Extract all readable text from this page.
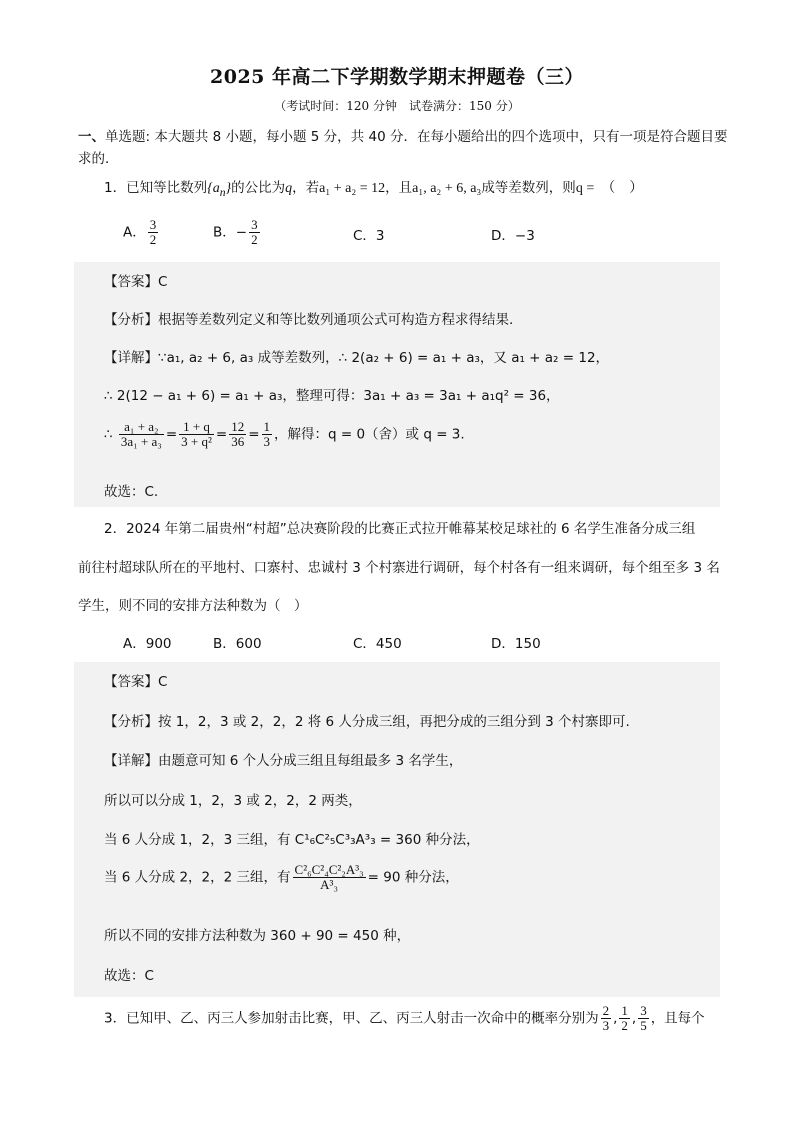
2025 年高二下学期数学期末押题卷（三）
（考试时间：120 分钟　试卷满分：150 分）
一、单选题: 本大题共 8 小题，每小题 5 分，共 40 分．在每小题给出的四个选项中，只有一项是符合题目要求的．
1．已知等比数列$\{a_n\}$的公比为q，若a₁ + a₂ = 12，且a₁, a₂ + 6, a₃成等差数列，则q =　（　）
A． $\frac{3}{2}$	B．− $\frac{3}{2}$	C．3	D．−3
【答案】C
【分析】根据等差数列定义和等比数列通项公式可构造方程求得结果.
【详解】∵a₁, a₂ + 6, a₃ 成等差数列，∴ 2(a₂ + 6) = a₁ + a₃，又 a₁ + a₂ = 12，
∴ 2(12 − a₁ + 6) = a₁ + a₃，整理可得：3a₁ + a₃ = 3a₁ + a₁q² = 36，
∴ $\frac{\text{a₁ + a₂}}{\text{3a₁ + a₃}} = \frac{1 + q}{\text{3 + q²}} = \frac{12}{36} = \frac{1}{3}$ ，解得：q = 0（舍）或 q = 3.
故选：C.
2．2024 年第二届贵州“村超”总决赛阶段的比赛正式拉开帷幕某校足球社的 6 名学生准备分成三组
前往村超球队所在的平地村、口寨村、忠诚村 3 个村寨进行调研，每个村各有一组来调研，每个组至多 3 名
学生，则不同的安排方法种数为（　）
A．900	B．600	C．450	D．150
【答案】C
【分析】按 1，2，3 或 2，2，2 将 6 人分成三组，再把分成的三组分到 3 个村寨即可.
【详解】由题意可知 6 个人分成三组且每组最多 3 名学生，
所以可以分成 1，2，3 或 2，2，2 两类，
当 6 人分成 1，2，3 三组，有 C¹₆C²₅C³₃A³₃ = 360 种分法，
当 6 人分成 2，2，2 三组，有 $\frac{\text{C²₆C²₄C²₂A³₃}}{\text{A³₃}} = 90$ 种分法，
所以不同的安排方法种数为 360 + 90 = 450 种，
故选：C
3．已知甲、乙、丙三人参加射击比赛，甲、乙、丙三人射击一次命中的概率分别为 $\frac{2}{3}$ , $\frac{1}{2}$ , $\frac{3}{5}$ ，且每个
